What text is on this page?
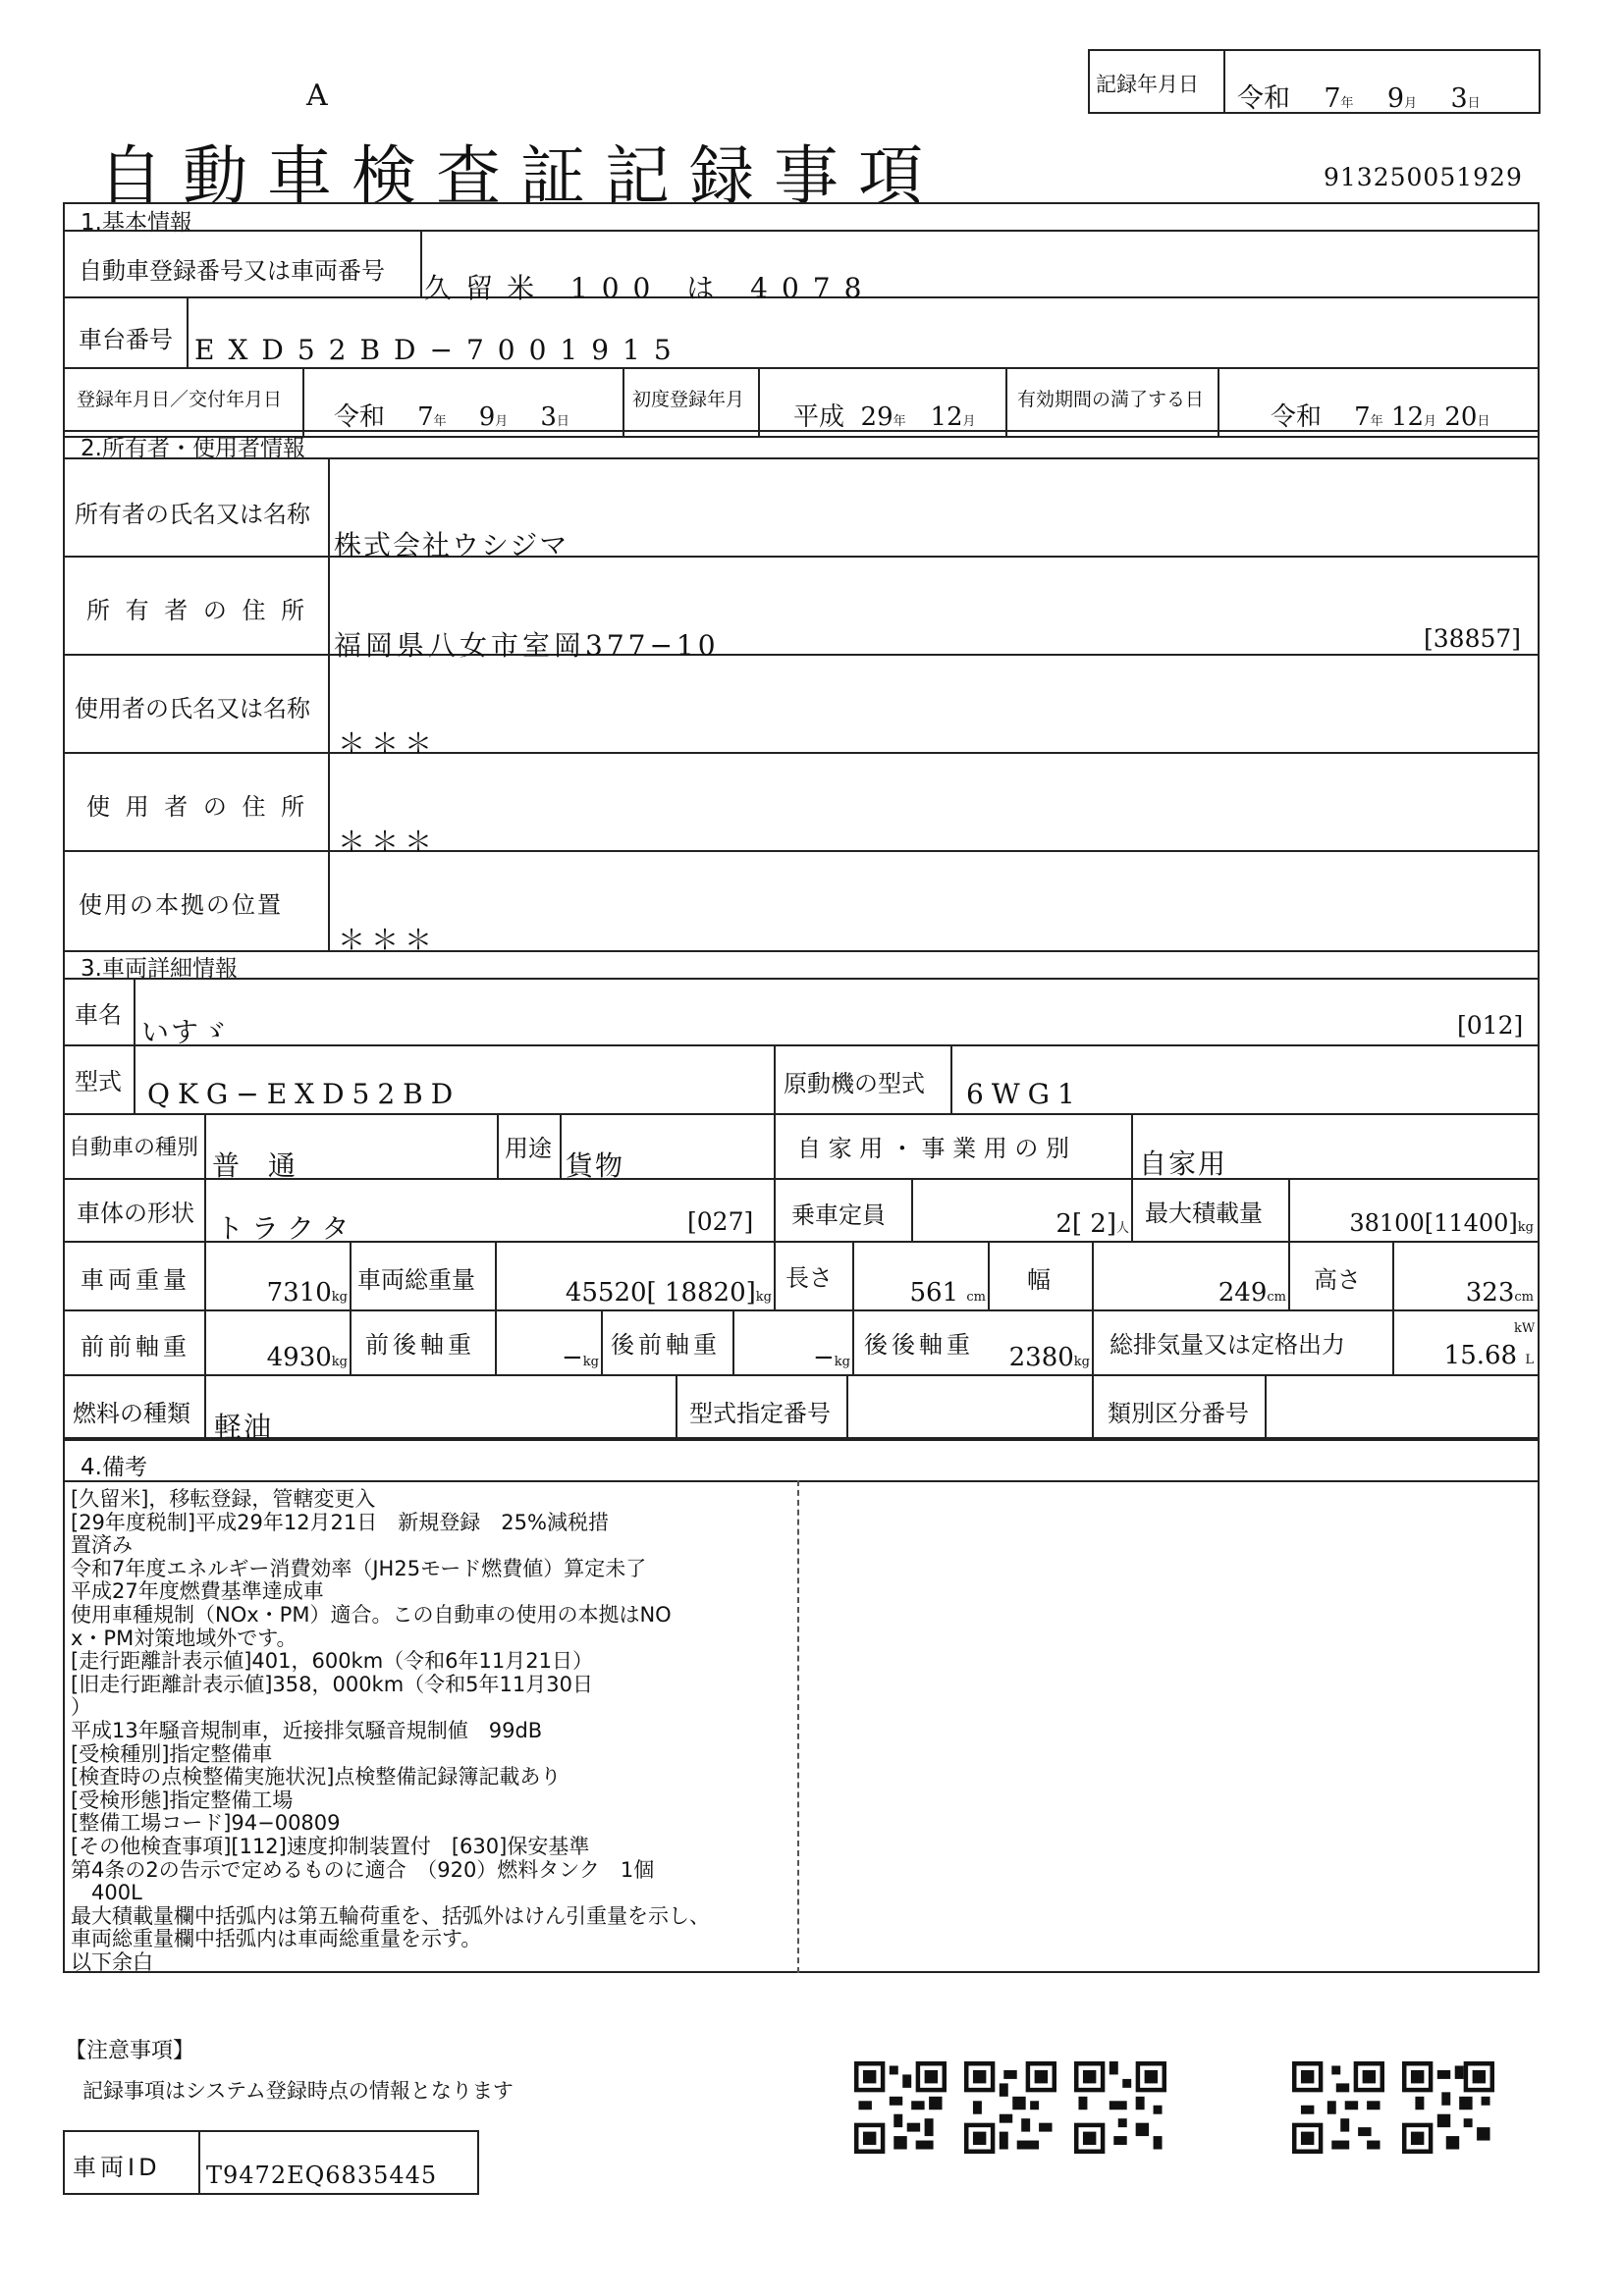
A
自動車検査証記録事項	913250051929
記録年月日 令和 7年 9月 3日
1.基本情報
自動車登録番号又は車両番号
久留米 100 は 4078
車台番号 EXD52BD−7001915
登録年月日／交付年月日
令和 7年 9月 3日
初度登録年月
平成 29年 12月
有効期間の満了する日
令和 7年 12月 20日
2.所有者・使用者情報
所有者の氏名又は名称
株式会社ウシジマ
所 有 者 の 住 所
福岡県八女市室岡377−10	[38857]
使用者の氏名又は名称
＊＊＊
使 用 者 の 住 所
＊＊＊
使用の本拠の位置
＊＊＊
3.車両詳細情報
車名
いすゞ	[012]
型式 QKG−EXD52BD	原動機の型式 6WG1
自動車の種別
普 通
用途
貨物
自 家 用 ・ 事 業 用 の 別	自家用
車体の形状 トラクタ	[027] 乗車定員	2[ 2]人
最大積載量	38100[11400]kg
車両重量	7310kg
車両総重量	45520[ 18820]kg
長さ	561 cm
幅	249cm
高さ	323cm
前前軸重	4930kg
前後軸重	−kg
後前軸重	−kg
後後軸重	2380kg
総排気量又は定格出力
kW
15.68 L
燃料の種類 軽油	型式指定番号	類別区分番号
4.備考
[久留米]，移転登録，管轄変更入
[29年度税制]平成29年12月21日　新規登録　25%減税措
置済み
令和7年度エネルギー消費効率（JH25モード燃費値）算定未了
平成27年度燃費基準達成車
使用車種規制（NOx・PM）適合。この自動車の使用の本拠はNO
x・PM対策地域外です。
[走行距離計表示値]401，600km（令和6年11月21日）
[旧走行距離計表示値]358，000km（令和5年11月30日
）
平成13年騒音規制車，近接排気騒音規制値　99dB
[受検種別]指定整備車
[検査時の点検整備実施状況]点検整備記録簿記載あり
[受検形態]指定整備工場
[整備工場コード]94−00809
[その他検査事項][112]速度抑制装置付　[630]保安基準
第4条の2の告示で定めるものに適合　（920）燃料タンク　1個
　400L
最大積載量欄中括弧内は第五輪荷重を、括弧外はけん引重量を示し、
車両総重量欄中括弧内は車両総重量を示す。
以下余白
【注意事項】
記録事項はシステム登録時点の情報となります
車両ID T9472EQ6835445
